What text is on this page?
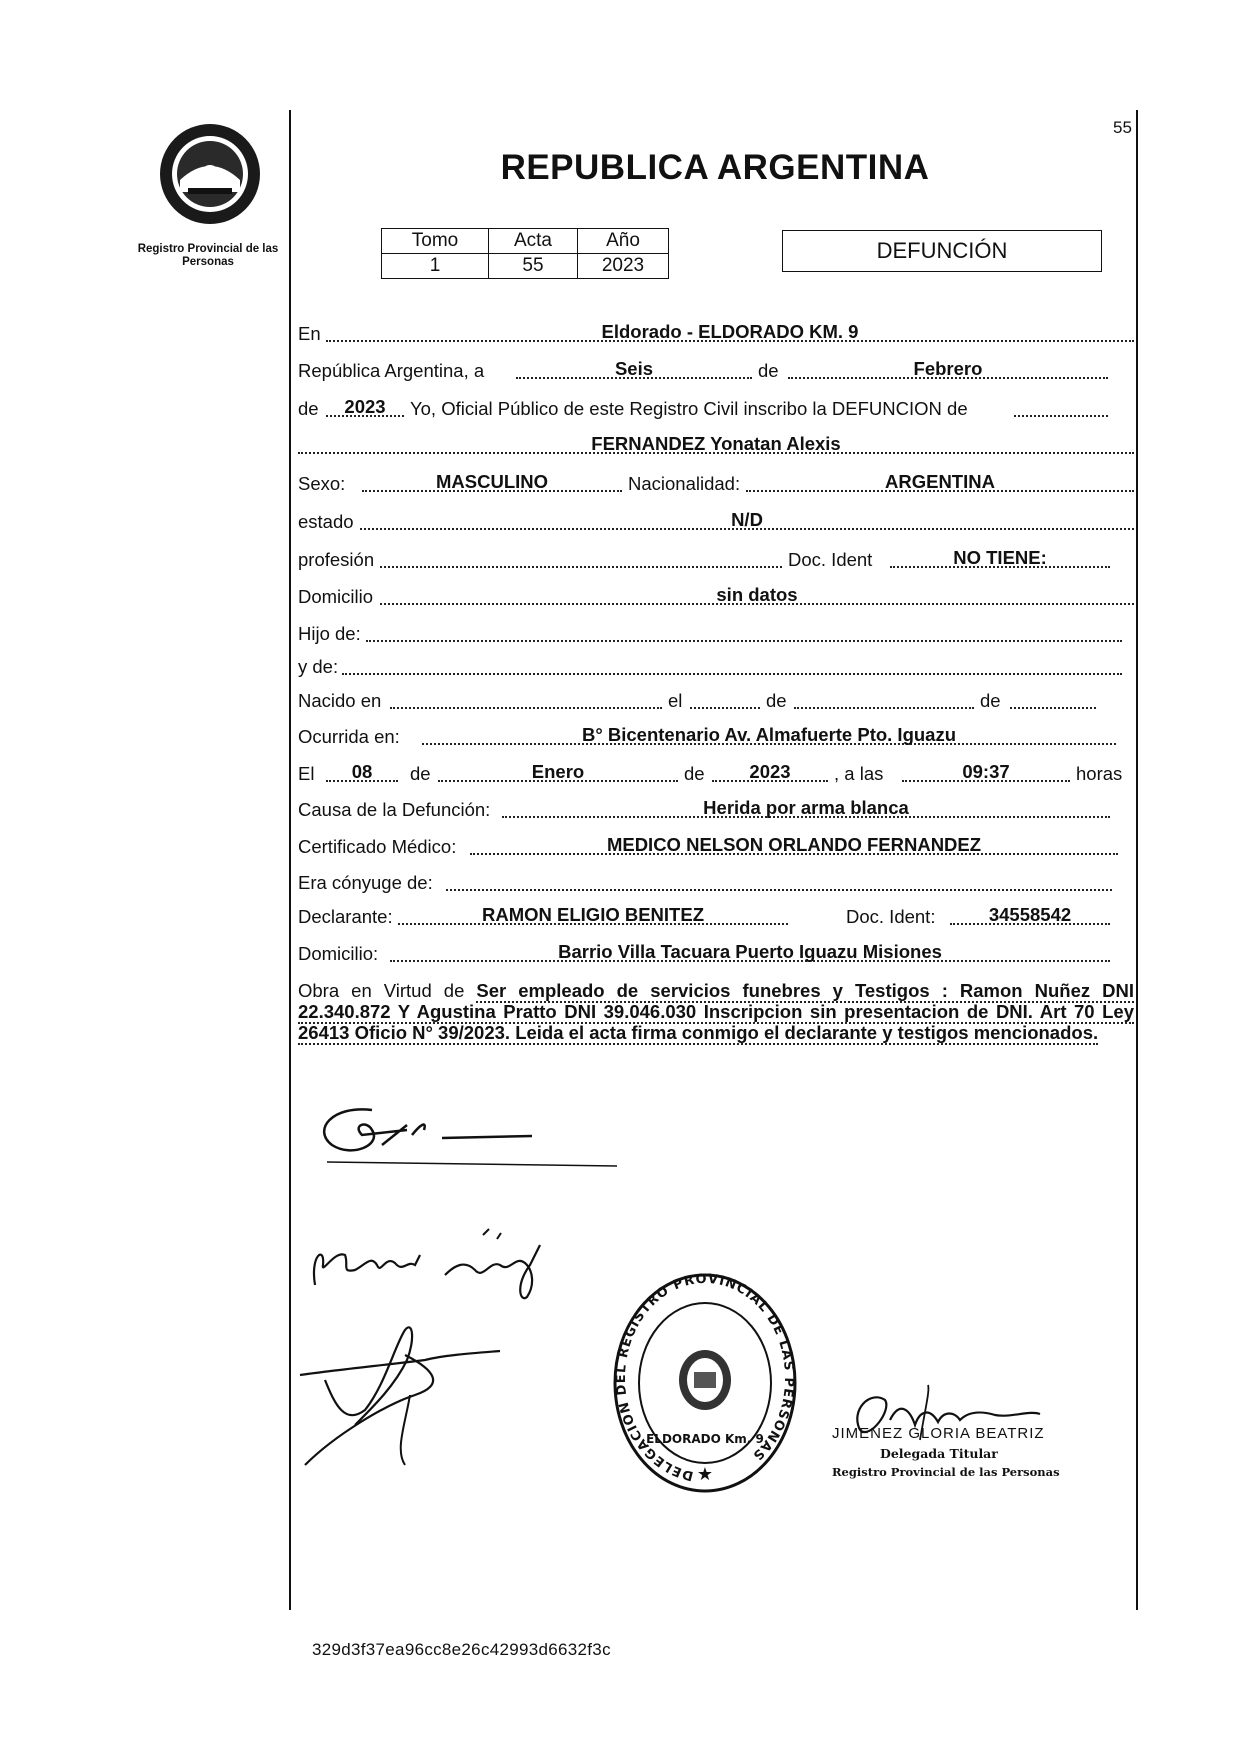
Registro Provincial de las Personas
55
REPUBLICA ARGENTINA
Tomo	Acta	Año
1	55	2023
DEFUNCIÓN
En	Eldorado - ELDORADO KM. 9
República Argentina, a	Seis	de	Febrero
de	2023	Yo, Oficial Público de este Registro Civil inscribo la DEFUNCION de
FERNANDEZ Yonatan Alexis
Sexo:	MASCULINO	Nacionalidad:	ARGENTINA
estado	N/D
profesión	Doc. Ident	NO TIENE:
Domicilio	sin datos
Hijo de:
y de:
Nacido en	el	de	de
Ocurrida en:	B° Bicentenario Av. Almafuerte Pto. Iguazu
El	08	de	Enero	de	2023	, a las	09:37	horas
Causa de la Defunción:	Herida por arma blanca
Certificado Médico:	MEDICO NELSON ORLANDO FERNANDEZ
Era cónyuge de:
Declarante:	RAMON ELIGIO BENITEZ	Doc. Ident:	34558542
Domicilio:	Barrio Villa Tacuara Puerto Iguazu Misiones
Obra en Virtud de Ser empleado de servicios funebres y Testigos : Ramon Nuñez DNI 22.340.872 Y Agustina Pratto DNI 39.046.030 Inscripcion sin presentacion de DNI. Art 70 Ley 26413 Oficio N° 39/2023. Leida el acta firma conmigo el declarante y testigos mencionados.
DELEGACION DEL REGISTRO PROVINCIAL DE LAS PERSONAS
ELDORADO Km. 9
★
JIMENEZ GLORIA BEATRIZ
Delegada Titular
Registro Provincial de las Personas
329d3f37ea96cc8e26c42993d6632f3c
